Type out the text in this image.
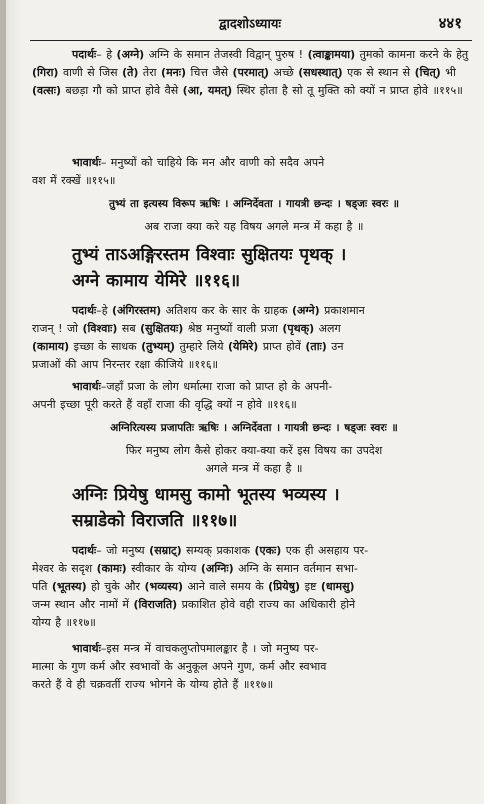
द्वादशोऽध्यायः	४४१

पदार्थः– हे (अग्ने) अग्नि के समान तेजस्वी विद्वान् पुरुष ! (त्वाङ्कामया) तुमको कामना करने के हेतु (गिरा) वाणी से जिस (ते) तेरा (मनः) चित्त जैसे (परमात्) अच्छे (सधस्थात्) एक से स्थान से (चित्) भी (वत्सः) बछड़ा गौ को प्राप्त होवे वैसे (आ, यमत्) स्थिर होता है सो तू मुक्ति को क्यों न प्राप्त होवे ॥११५॥

भावार्थः– मनुष्यों को चाहिये कि मन और वाणी को सदैव अपने
वश में रक्खें ॥११५॥

तुभ्यं ता इत्यस्य विरूप ऋषिः । अग्निर्देवता । गायत्री छन्दः । षड्जः स्वरः ॥
अब राजा क्या करे यह विषय अगले मन्त्र में कहा है ॥
तुभ्यं ताऽअङ्गिरस्तम विश्वाः सुक्षितयः पृथक् ।
अग्ने कामाय येमिरे ॥११६॥

पदार्थः–हे (अंगिरस्तम) अतिशय कर के सार के ग्राहक (अग्ने) प्रकाशमान
राजन् ! जो (विश्वाः) सब (सुक्षितयः) श्रेष्ठ मनुष्यों वाली प्रजा (पृथक्) अलग
(कामाय) इच्छा के साधक (तुभ्यम्) तुम्हारे लिये (येमिरे) प्राप्त होवें (ताः) उन
प्रजाओं की आप निरन्तर रक्षा कीजिये ॥११६॥

भावार्थः–जहाँ प्रजा के लोग धर्मात्मा राजा को प्राप्त हो के अपनी-
अपनी इच्छा पूरी करते हैं वहाँ राजा की वृद्धि क्यों न होवे ॥११६॥

अग्निरित्यस्य प्रजापतिः ऋषिः । अग्निर्देवता । गायत्री छन्दः । षड्जः स्वरः ॥
फिर मनुष्य लोग कैसे होकर क्या-क्या करें इस विषय का उपदेश
अगले मन्त्र में कहा है ॥
अग्निः प्रियेषु धामसु कामो भूतस्य भव्यस्य ।
सम्राडेको विराजति ॥११७॥

पदार्थः– जो मनुष्य (सम्राट्) सम्यक् प्रकाशक (एकः) एक ही असहाय पर-
मेश्वर के सदृश (कामः) स्वीकार के योग्य (अग्निः) अग्नि के समान वर्तमान सभा-
पति (भूतस्य) हो चुके और (भव्यस्य) आने वाले समय के (प्रियेषु) इष्ट (धामसु)
जन्म स्थान और नामों में (विराजति) प्रकाशित होवे वही राज्य का अधिकारी होने
योग्य है ॥११७॥

भावार्थः–इस मन्त्र में वाचकलुप्तोपमालङ्कार है । जो मनुष्य पर-
मात्मा के गुण कर्म और स्वभावों के अनुकूल अपने गुण, कर्म और स्वभाव
करते हैं वे ही चक्रवर्ती राज्य भोगने के योग्य होते हैं ॥११७॥
